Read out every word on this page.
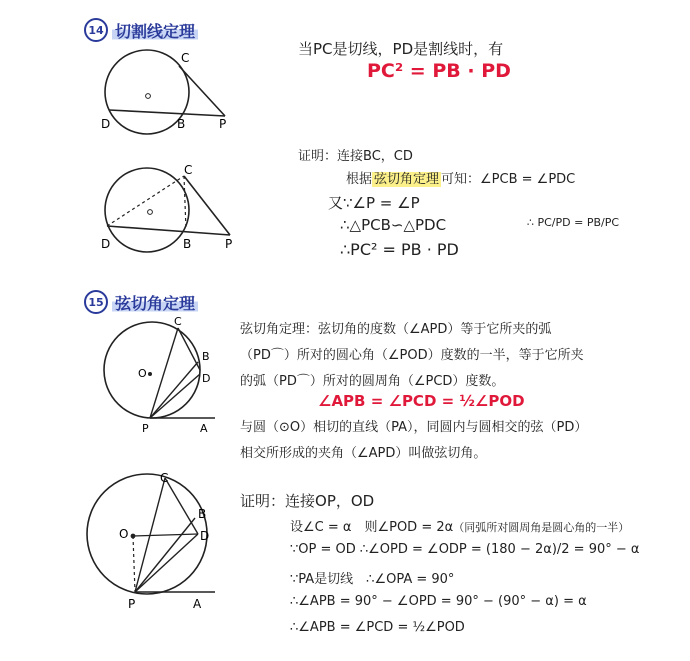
14 切割线定理
C
D	B	P
当PC是切线，PD是割线时，有
PC² = PB · PD
C
D	B	P
证明：连接BC，CD
根据 弦切角定理 可知：∠PCB = ∠PDC
又∵∠P = ∠P
∴△PCB∽△PDC	∴ PC/PD = PB/PC
∴PC² = PB · PD
15 弦切角定理
C
B
D
P	A
O
弦切角定理：弦切角的度数（∠APD）等于它所夹的弧
（PD⌒）所对的圆心角（∠POD）度数的一半，等于它所夹
的弧（PD⌒）所对的圆周角（∠PCD）度数。
∠APB = ∠PCD = ½∠POD
与圆（⊙O）相切的直线（PA），同圆内与圆相交的弦（PD）
相交所形成的夹角（∠APD）叫做弦切角。
C
B
D
P	A
O
证明：连接OP，OD
设∠C = α　则∠POD = 2α（同弧所对圆周角是圆心角的一半）
∵OP = OD ∴∠OPD = ∠ODP = (180 − 2α)/2 = 90° − α
∵PA是切线　∴∠OPA = 90°
∴∠APB = 90° − ∠OPD = 90° − (90° − α) = α
∴∠APB = ∠PCD = ½∠POD
